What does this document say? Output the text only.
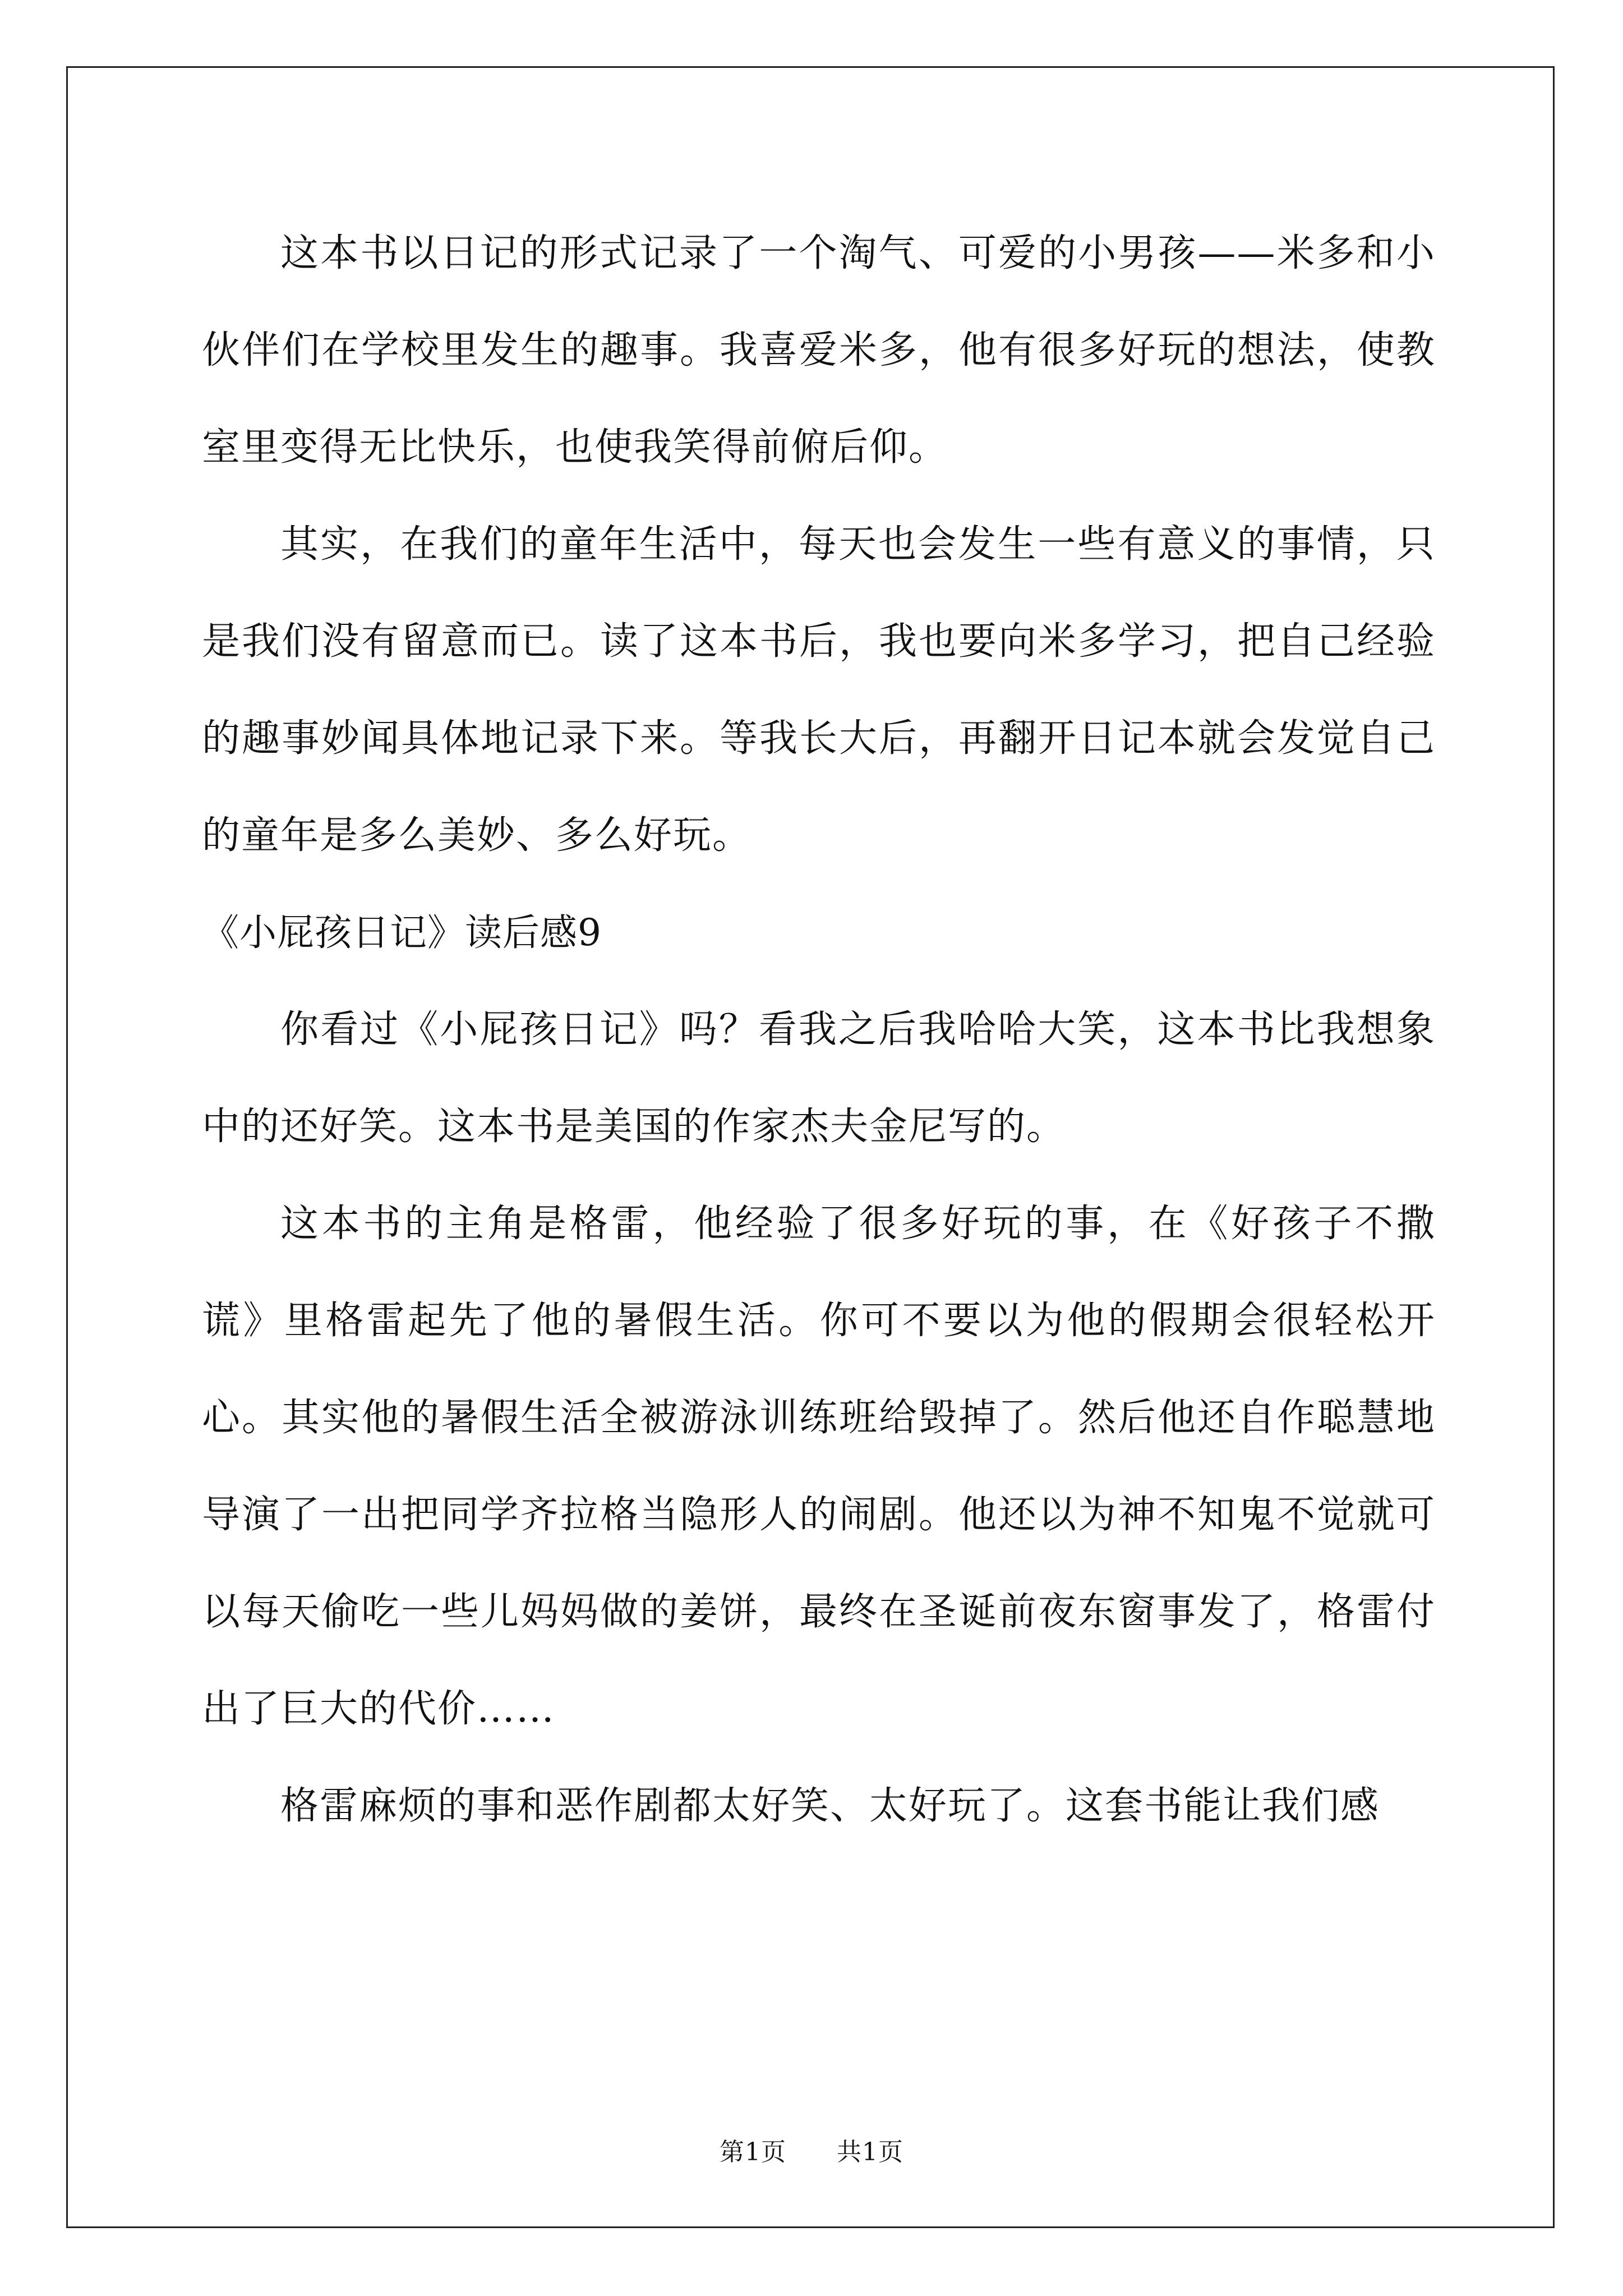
这本书以日记的形式记录了一个淘气、可爱的小男孩——米多和小伙伴们在学校里发生的趣事。我喜爱米多，他有很多好玩的想法，使教室里变得无比快乐，也使我笑得前俯后仰。

其实，在我们的童年生活中，每天也会发生一些有意义的事情，只是我们没有留意而已。读了这本书后，我也要向米多学习，把自己经验的趣事妙闻具体地记录下来。等我长大后，再翻开日记本就会发觉自己的童年是多么美妙、多么好玩。

《小屁孩日记》读后感9

你看过《小屁孩日记》吗？看我之后我哈哈大笑，这本书比我想象中的还好笑。这本书是美国的作家杰夫金尼写的。

这本书的主角是格雷，他经验了很多好玩的事，在《好孩子不撒谎》里格雷起先了他的暑假生活。你可不要以为他的假期会很轻松开心。其实他的暑假生活全被游泳训练班给毁掉了。然后他还自作聪慧地导演了一出把同学齐拉格当隐形人的闹剧。他还以为神不知鬼不觉就可以每天偷吃一些儿妈妈做的姜饼，最终在圣诞前夜东窗事发了，格雷付出了巨大的代价……

格雷麻烦的事和恶作剧都太好笑、太好玩了。这套书能让我们感

第1页 共1页
